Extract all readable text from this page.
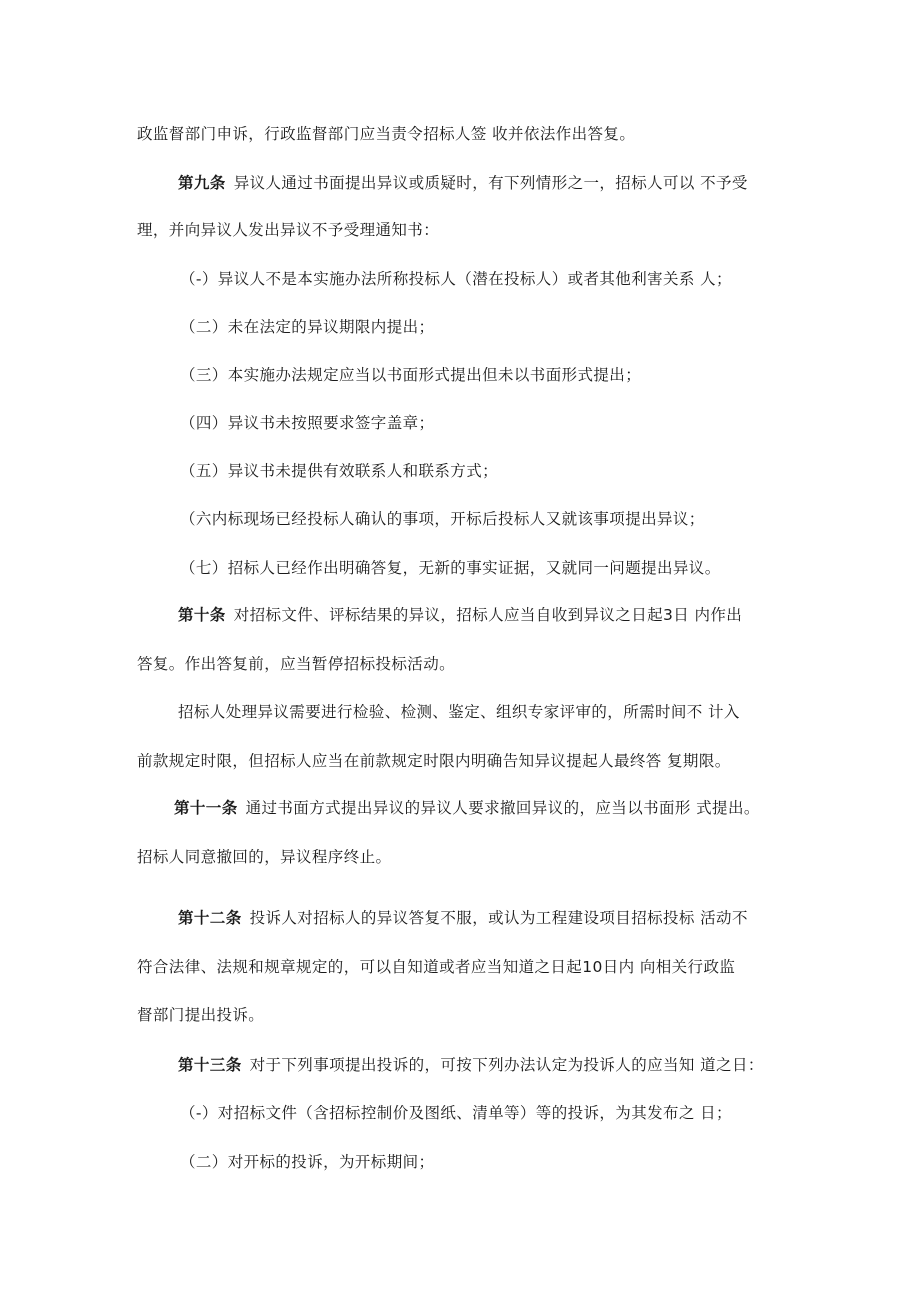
政监督部门申诉，行政监督部门应当责令招标人签 收并依法作出答复。

第九条 异议人通过书面提出异议或质疑时，有下列情形之一，招标人可以 不予受

理，并向异议人发出异议不予受理通知书：

（-）异议人不是本实施办法所称投标人（潜在投标人）或者其他利害关系 人；

（二）未在法定的异议期限内提出；

（三）本实施办法规定应当以书面形式提出但未以书面形式提出；

（四）异议书未按照要求签字盖章；

（五）异议书未提供有效联系人和联系方式；

（六内标现场已经投标人确认的事项，开标后投标人又就该事项提出异议；

（七）招标人已经作出明确答复，无新的事实证据，又就同一问题提出异议。

第十条 对招标文件、评标结果的异议，招标人应当自收到异议之日起3日 内作出

答复。作出答复前，应当暂停招标投标活动。

招标人处理异议需要进行检验、检测、鉴定、组织专家评审的，所需时间不 计入

前款规定时限，但招标人应当在前款规定时限内明确告知异议提起人最终答 复期限。

第十一条 通过书面方式提出异议的异议人要求撤回异议的，应当以书面形 式提出。

招标人同意撤回的，异议程序终止。

第十二条 投诉人对招标人的异议答复不服，或认为工程建设项目招标投标 活动不

符合法律、法规和规章规定的，可以自知道或者应当知道之日起10日内 向相关行政监

督部门提出投诉。

第十三条 对于下列事项提出投诉的，可按下列办法认定为投诉人的应当知 道之日：

（-）对招标文件（含招标控制价及图纸、清单等）等的投诉，为其发布之 日；

（二）对开标的投诉，为开标期间；
